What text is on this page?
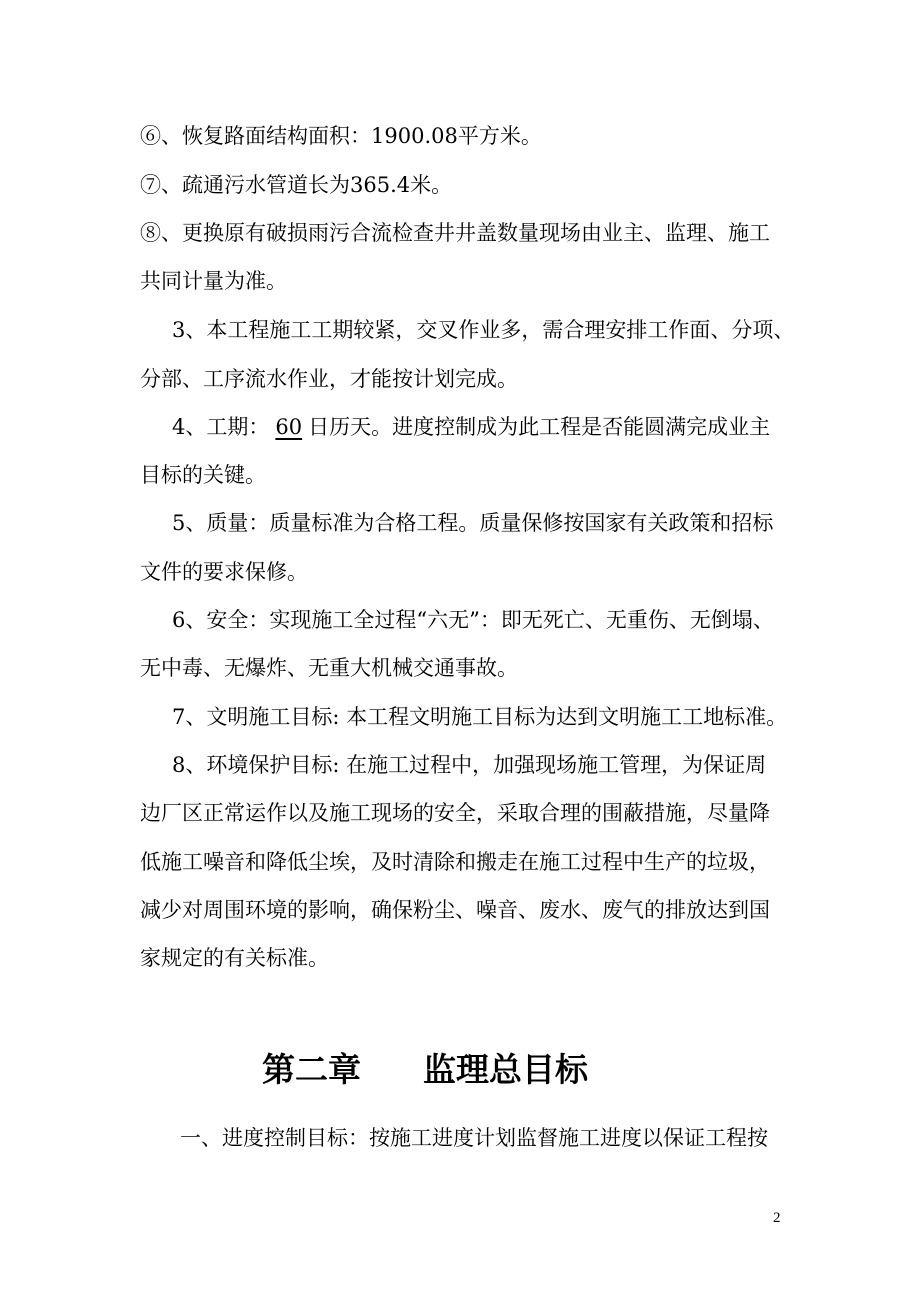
⑥、恢复路面结构面积：1900.08平方米。
⑦、疏通污水管道长为365.4米。
⑧、更换原有破损雨污合流检查井井盖数量现场由业主、监理、施工
共同计量为准。
3、本工程施工工期较紧，交叉作业多，需合理安排工作面、分项、
分部、工序流水作业，才能按计划完成。
4、工期： 60 日历天。进度控制成为此工程是否能圆满完成业主
目标的关键。
5、质量：质量标准为合格工程。质量保修按国家有关政策和招标
文件的要求保修。
6、安全：实现施工全过程“六无”：即无死亡、无重伤、无倒塌、
无中毒、无爆炸、无重大机械交通事故。
7、文明施工目标: 本工程文明施工目标为达到文明施工工地标准。
8、环境保护目标: 在施工过程中，加强现场施工管理，为保证周
边厂区正常运作以及施工现场的安全，采取合理的围蔽措施，尽量降
低施工噪音和降低尘埃，及时清除和搬走在施工过程中生产的垃圾，
减少对周围环境的影响，确保粉尘、噪音、废水、废气的排放达到国
家规定的有关标准。
第二章 监理总目标
一、进度控制目标：按施工进度计划监督施工进度以保证工程按
2
